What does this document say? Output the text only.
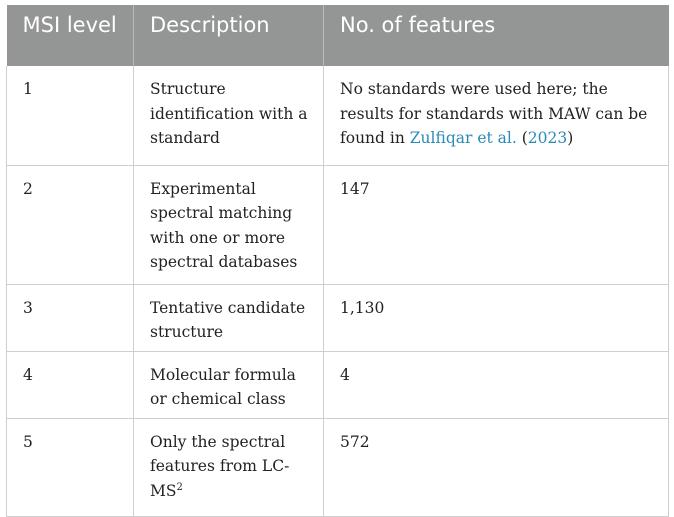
MSI level	Description	No. of features
1	Structure identification with a standard	No standards were used here; the results for standards with MAW can be found in Zulfiqar et al. (2023)
2	Experimental spectral matching with one or more spectral databases	147
3	Tentative candidate structure	1,130
4	Molecular formula or chemical class	4
5	Only the spectral features from $LC-MS^2$	572
